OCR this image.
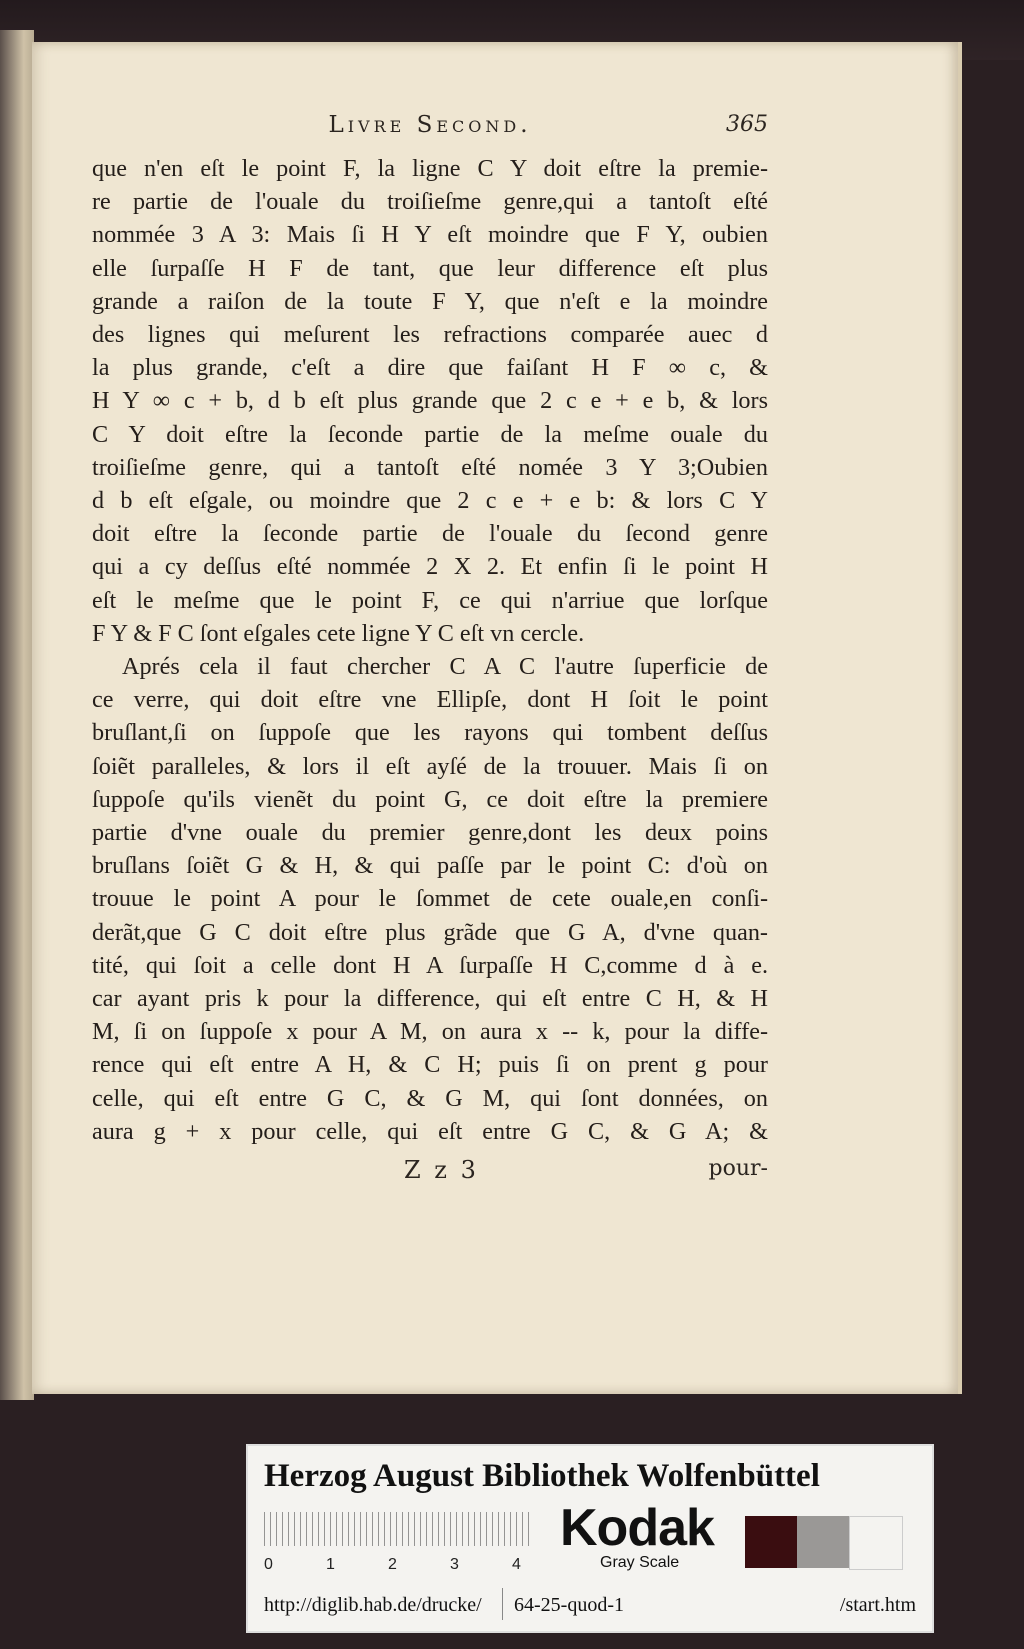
Livre Second.	365
que n'en eſt le point F, la ligne C Y doit eſtre la premie-
re partie de l'ouale du troiſieſme genre,qui a tantoſt eſté
nommée 3 A 3: Mais ſi H Y eſt moindre que F Y, oubien
elle ſurpaſſe H F de tant, que leur difference eſt plus
grande a raiſon de la toute F Y, que n'eſt e la moindre
des lignes qui meſurent les refractions comparée auec d
la plus grande, c'eſt a dire que faiſant H F ∞ c, &
H Y ∞ c + b, d b eſt plus grande que 2 c e + e b, & lors
C Y doit eſtre la ſeconde partie de la meſme ouale du
troiſieſme genre, qui a tantoſt eſté nomée 3 Y 3;Oubien
d b eſt eſgale, ou moindre que 2 c e + e b: & lors C Y
doit eſtre la ſeconde partie de l'ouale du ſecond genre
qui a cy deſſus eſté nommée 2 X 2. Et enfin ſi le point H
eſt le meſme que le point F, ce qui n'arriue que lorſque
F Y & F C ſont eſgales cete ligne Y C eſt vn cercle.
Aprés cela il faut chercher C A C l'autre ſuperficie de
ce verre, qui doit eſtre vne Ellipſe, dont H ſoit le point
bruſlant,ſi on ſuppoſe que les rayons qui tombent deſſus
ſoiẽt paralleles, & lors il eſt ayſé de la trouuer. Mais ſi on
ſuppoſe qu'ils vienẽt du point G, ce doit eſtre la premiere
partie d'vne ouale du premier genre,dont les deux poins
bruſlans ſoiẽt G & H, & qui paſſe par le point C: d'où on
trouue le point A pour le ſommet de cete ouale,en conſi-
derãt,que G C doit eſtre plus grãde que G A, d'vne quan-
tité, qui ſoit a celle dont H A ſurpaſſe H C,comme d à e.
car ayant pris k pour la difference, qui eſt entre C H, & H
M, ſi on ſuppoſe x pour A M, on aura x -- k, pour la diffe-
rence qui eſt entre A H, & C H; puis ſi on prent g pour
celle, qui eſt entre G C, & G M, qui ſont données, on
aura g + x pour celle, qui eſt entre G C, & G A; &
Z z 3	pour-
Herzog August Bibliothek Wolfenbüttel
0	1	2	3	4
Kodak
Gray Scale
http://diglib.hab.de/drucke/ 64-25-quod-1	/start.htm
